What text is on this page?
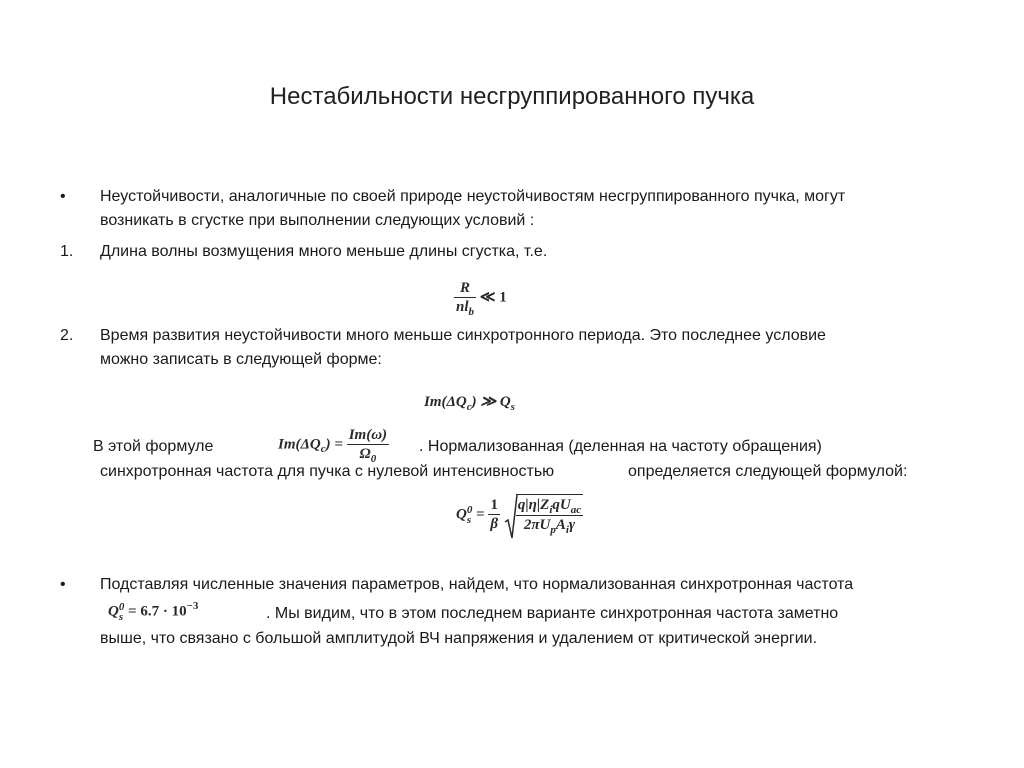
Нестабильности несгруппированного пучка
• Неустойчивости, аналогичные по своей природе неустойчивостям несгруппированного пучка, могут
возникать в сгустке при выполнении следующих условий :
1. Длина волны возмущения много меньше длины сгустка, т.е.
$\frac{R}{nl_b}$ ≪ 1
2. Время развития неустойчивости много меньше синхротронного периода. Это последнее условие
можно записать в следующей форме:
$Im(\Delta Q_c)$ ≫ $Q_s$
В этой формуле	$Im(\Delta Q_c) = \frac{Im(\omega)}{\Omega_0}$ . Нормализованная (деленная на частоту обращения)
синхротронная частота для пучка с нулевой интенсивностью	определяется следующей формулой:
Q 0
$s = \frac{1}{\beta}$
$\frac{q|\eta|Z_iqU_{ac}}{2\pi U_pA_i\gamma}$
• Подставляя численные значения параметров, найдем, что нормализованная синхротронная частота
Q 0
$s = 6.7 \cdot 10^{-3}$	. Мы видим, что в этом последнем варианте синхротронная частота заметно
выше, что связано с большой амплитудой ВЧ напряжения и удалением от критической энергии.
